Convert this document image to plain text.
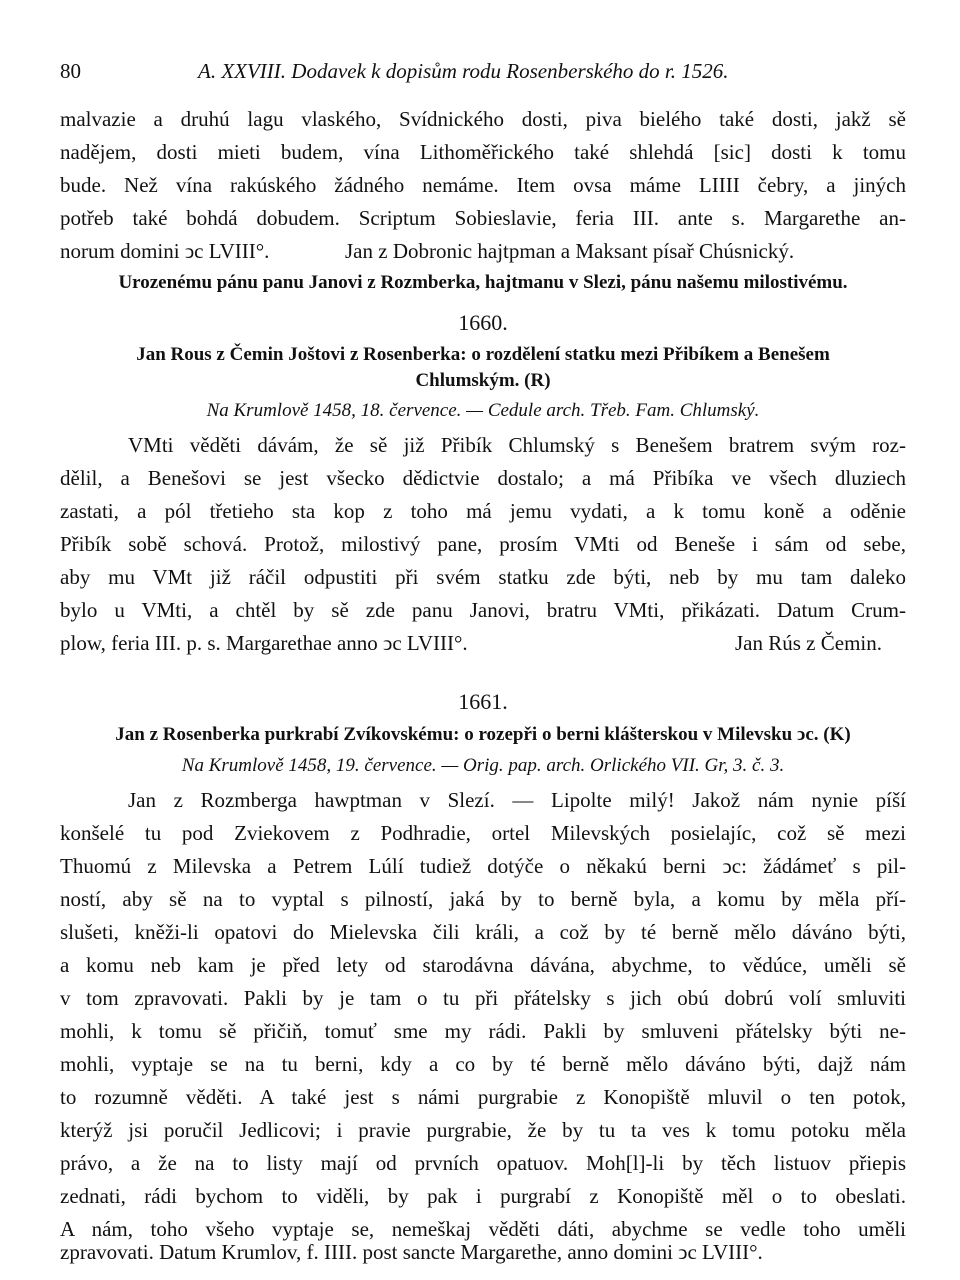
80	A. XXVIII. Dodavek k dopisům rodu Rosenberského do r. 1526.
malvazie a druhú lagu vlaského, Svídnického dosti, piva bielého také dosti, jakž sě
nadějem, dosti mieti budem, vína Lithoměřického také shlehdá [sic] dosti k tomu
bude. Než vína rakúského žádného nemáme. Item ovsa máme LIIII čebry, a jiných
potřeb také bohdá dobudem. Scriptum Sobieslavie, feria III. ante s. Margarethe an-
norum domini ↄc LVIII°.	Jan z Dobronic hajtpman a Maksant písař Chúsnický.
Urozenému pánu panu Janovi z Rozmberka, hajtmanu v Slezi, pánu našemu milostivému.
1660.
Jan Rous z Čemin Joštovi z Rosenberka: o rozdělení statku mezi Přibíkem a Benešem
Chlumským. (R)
Na Krumlově 1458, 18. července. — Cedule arch. Třeb. Fam. Chlumský.
VMti věděti dávám, že sě již Přibík Chlumský s Benešem bratrem svým roz-
dělil, a Benešovi se jest všecko dědictvie dostalo; a má Přibíka ve všech dluziech
zastati, a pól třetieho sta kop z toho má jemu vydati, a k tomu koně a oděnie
Přibík sobě schová. Protož, milostivý pane, prosím VMti od Beneše i sám od sebe,
aby mu VMt již ráčil odpustiti při svém statku zde býti, neb by mu tam daleko
bylo u VMti, a chtěl by sě zde panu Janovi, bratru VMti, přikázati. Datum Crum-
plow, feria III. p. s. Margarethae anno ↄc LVIII°.	Jan Rús z Čemin.
1661.
Jan z Rosenberka purkrabí Zvíkovskému: o rozepři o berni klášterskou v Milevsku ↄc. (K)
Na Krumlově 1458, 19. července. — Orig. pap. arch. Orlického VII. Gr, 3. č. 3.
Jan z Rozmberga hawptman v Slezí. — Lipolte milý! Jakož nám nynie píší
konšelé tu pod Zviekovem z Podhradie, ortel Milevských posielajíc, což sě mezi
Thuomú z Milevska a Petrem Lúlí tudiež dotýče o někakú berni ↄc: žádámeť s pil-
ností, aby sě na to vyptal s pilností, jaká by to berně byla, a komu by měla pří-
slušeti, kněži-li opatovi do Mielevska čili králi, a což by té berně mělo dáváno býti,
a komu neb kam je před lety od starodávna dávána, abychme, to vědúce, uměli sě
v tom zpravovati. Pakli by je tam o tu při přátelsky s jich obú dobrú volí smluviti
mohli, k tomu sě přičiň, tomuť sme my rádi. Pakli by smluveni přátelsky býti ne-
mohli, vyptaje se na tu berni, kdy a co by té berně mělo dáváno býti, dajž nám
to rozumně věděti. A také jest s námi purgrabie z Konopiště mluvil o ten potok,
kterýž jsi poručil Jedlicovi; i pravie purgrabie, že by tu ta ves k tomu potoku měla
právo, a že na to listy mají od prvních opatuov. Moh[l]-li by těch listuov přiepis
zednati, rádi bychom to viděli, by pak i purgrabí z Konopiště měl o to obeslati.
A nám, toho všeho vyptaje se, nemeškaj věděti dáti, abychme se vedle toho uměli
zpravovati. Datum Krumlov, f. IIII. post sancte Margarethe, anno domini ↄc LVIII°.
